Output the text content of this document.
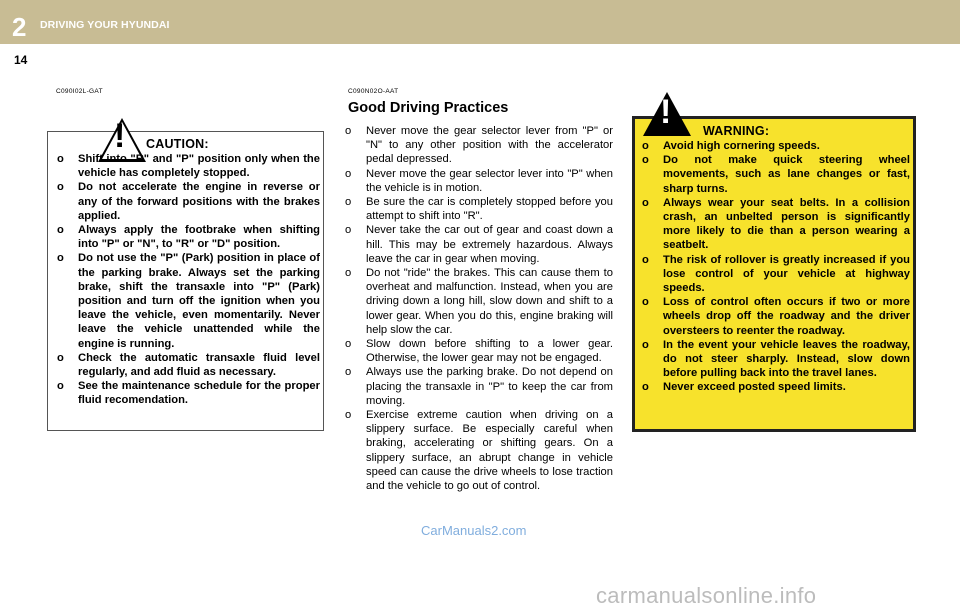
2 DRIVING YOUR HYUNDAI
14
C090I02L-GAT
! CAUTION:
o Shift into "R" and "P" position only when the vehicle has completely stopped.
o Do not accelerate the engine in reverse or any of the forward positions with the brakes applied.
o Always apply the footbrake when shifting into "P" or "N", to "R" or "D" position.
o Do not use the "P" (Park) position in place of the parking brake. Always set the parking brake, shift the transaxle into "P" (Park) position and turn off the ignition when you leave the vehicle, even momentarily. Never leave the vehicle unattended while the engine is running.
o Check the automatic transaxle fluid level regularly, and add fluid as necessary.
o See the maintenance schedule for the proper fluid recomendation.
C090N02O-AAT
Good Driving Practices
o Never move the gear selector lever from "P" or "N" to any other position with the accelerator pedal depressed.
o Never move the gear selector lever into "P" when the vehicle is in motion.
o Be sure the car is completely stopped before you attempt to shift into "R".
o Never take the car out of gear and coast down a hill. This may be extremely hazardous. Always leave the car in gear when moving.
o Do not "ride" the brakes. This can cause them to overheat and malfunction. Instead, when you are driving down a long hill, slow down and shift to a lower gear. When you do this, engine braking will help slow the car.
o Slow down before shifting to a lower gear. Otherwise, the lower gear may not be engaged.
o Always use the parking brake. Do not depend on placing the transaxle in "P" to keep the car from moving.
o Exercise extreme caution when driving on a slippery surface. Be especially careful when braking, accelerating or shifting gears. On a slippery surface, an abrupt change in vehicle speed can cause the drive wheels to lose traction and the vehicle to go out of control.
!	WARNING:
o Avoid high cornering speeds.
o Do not make quick steering wheel movements, such as lane changes or fast, sharp turns.
o Always wear your seat belts. In a collision crash, an unbelted person is significantly more likely to die than a person wearing a seatbelt.
o The risk of rollover is greatly increased if you lose control of your vehicle at highway speeds.
o Loss of control often occurs if two or more wheels drop off the roadway and the driver oversteers to reenter the roadway.
o In the event your vehicle leaves the roadway, do not steer sharply. Instead, slow down before pulling back into the travel lanes.
o Never exceed posted speed limits.
CarManuals2.com
carmanualsonline.info
